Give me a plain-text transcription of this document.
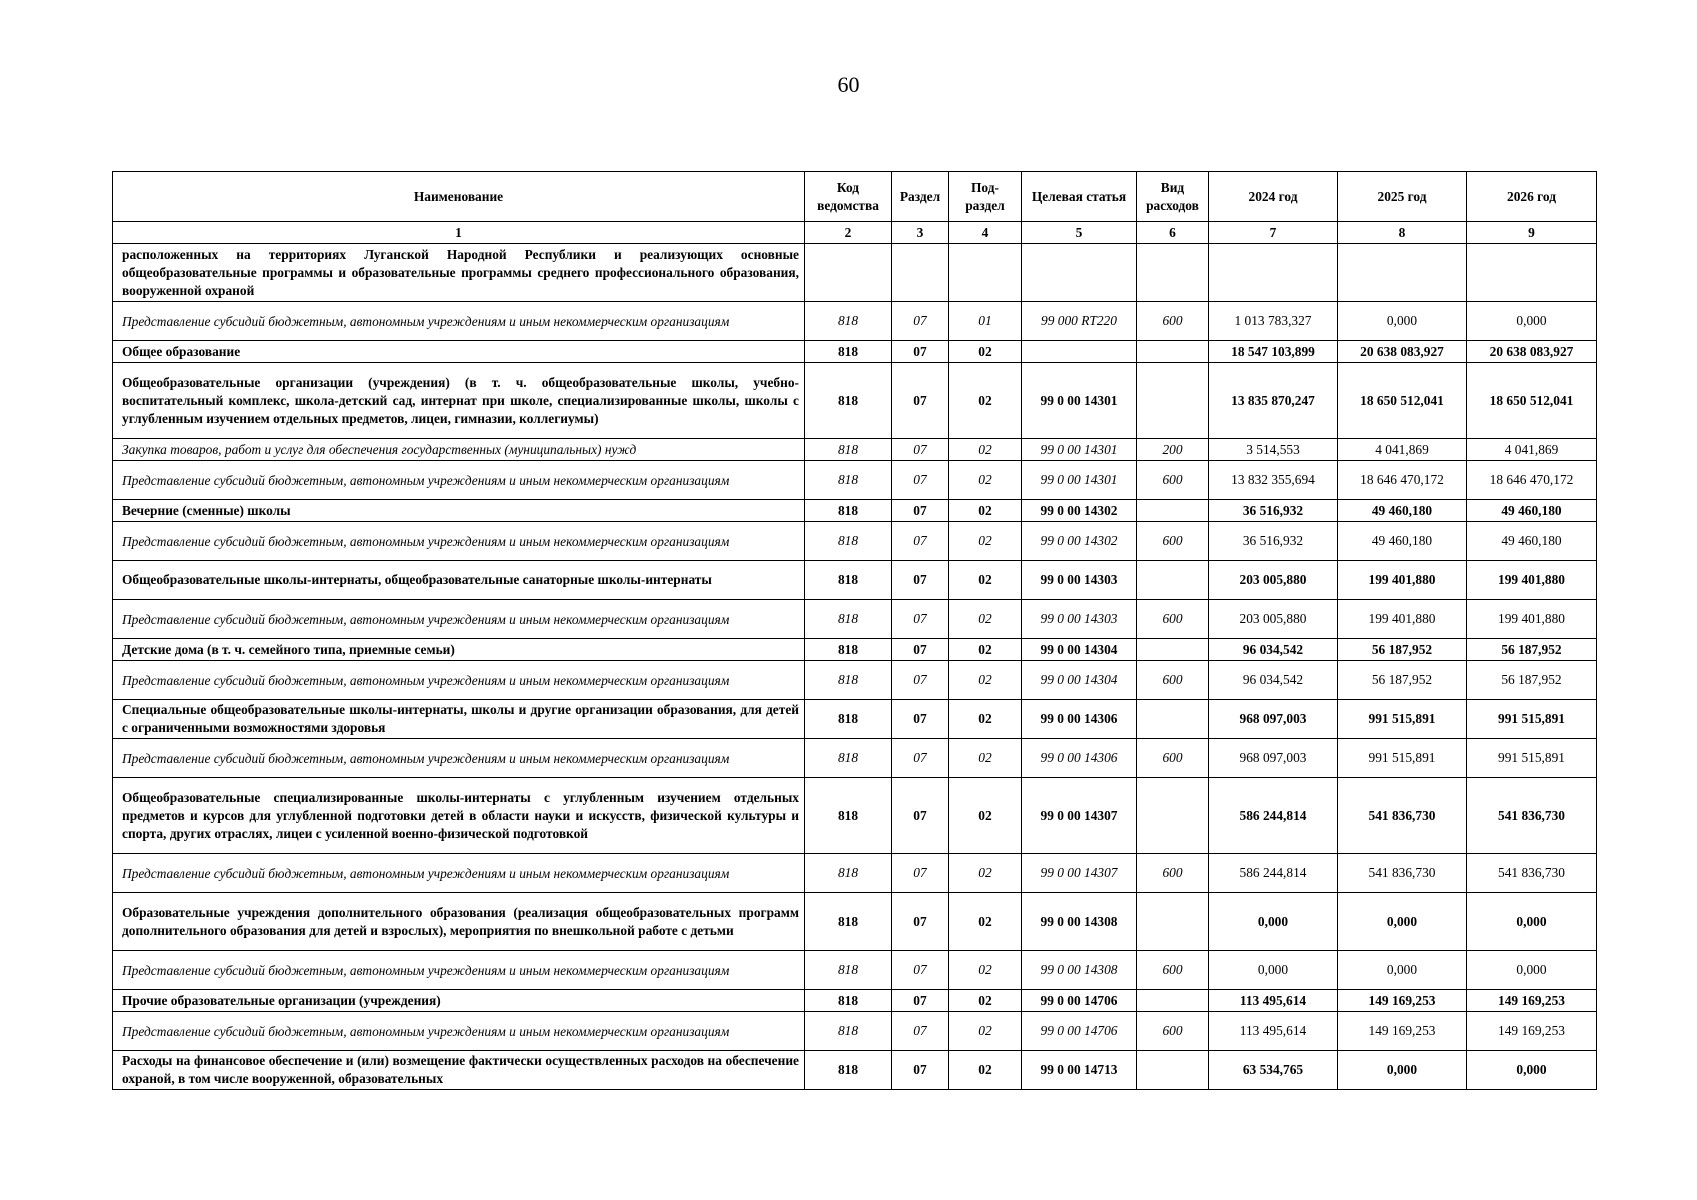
60
Наименование	Код ведомства	Раздел	Под-раздел	Целевая статья	Вид расходов	2024 год	2025 год	2026 год
1	2	3	4	5	6	7	8	9
расположенных на территориях Луганской Народной Республики и реализующих основные общеобразовательные программы и образовательные программы среднего профессионального образования, вооруженной охраной								
Представление субсидий бюджетным, автономным учреждениям и иным некоммерческим организациям	818	07	01	99 000 RT220	600	1 013 783,327	0,000	0,000
Общее образование	818	07	02			18 547 103,899	20 638 083,927	20 638 083,927
Общеобразовательные организации (учреждения) (в т. ч. общеобразовательные школы, учебно-воспитательный комплекс, школа-детский сад, интернат при школе, специализированные школы, школы с углубленным изучением отдельных предметов, лицеи, гимназии, коллегиумы)	818	07	02	99 0 00 14301		13 835 870,247	18 650 512,041	18 650 512,041
Закупка товаров, работ и услуг для обеспечения государственных (муниципальных) нужд	818	07	02	99 0 00 14301	200	3 514,553	4 041,869	4 041,869
Представление субсидий бюджетным, автономным учреждениям и иным некоммерческим организациям	818	07	02	99 0 00 14301	600	13 832 355,694	18 646 470,172	18 646 470,172
Вечерние (сменные) школы	818	07	02	99 0 00 14302		36 516,932	49 460,180	49 460,180
Представление субсидий бюджетным, автономным учреждениям и иным некоммерческим организациям	818	07	02	99 0 00 14302	600	36 516,932	49 460,180	49 460,180
Общеобразовательные школы-интернаты, общеобразовательные санаторные школы-интернаты	818	07	02	99 0 00 14303		203 005,880	199 401,880	199 401,880
Представление субсидий бюджетным, автономным учреждениям и иным некоммерческим организациям	818	07	02	99 0 00 14303	600	203 005,880	199 401,880	199 401,880
Детские дома (в т. ч. семейного типа, приемные семьи)	818	07	02	99 0 00 14304		96 034,542	56 187,952	56 187,952
Представление субсидий бюджетным, автономным учреждениям и иным некоммерческим организациям	818	07	02	99 0 00 14304	600	96 034,542	56 187,952	56 187,952
Специальные общеобразовательные школы-интернаты, школы и другие организации образования, для детей с ограниченными возможностями здоровья	818	07	02	99 0 00 14306		968 097,003	991 515,891	991 515,891
Представление субсидий бюджетным, автономным учреждениям и иным некоммерческим организациям	818	07	02	99 0 00 14306	600	968 097,003	991 515,891	991 515,891
Общеобразовательные специализированные школы-интернаты с углубленным изучением отдельных предметов и курсов для углубленной подготовки детей в области науки и искусств, физической культуры и спорта, других отраслях, лицеи с усиленной военно-физической подготовкой	818	07	02	99 0 00 14307		586 244,814	541 836,730	541 836,730
Представление субсидий бюджетным, автономным учреждениям и иным некоммерческим организациям	818	07	02	99 0 00 14307	600	586 244,814	541 836,730	541 836,730
Образовательные учреждения дополнительного образования (реализация общеобразовательных программ дополнительного образования для детей и взрослых), мероприятия по внешкольной работе с детьми	818	07	02	99 0 00 14308		0,000	0,000	0,000
Представление субсидий бюджетным, автономным учреждениям и иным некоммерческим организациям	818	07	02	99 0 00 14308	600	0,000	0,000	0,000
Прочие образовательные организации (учреждения)	818	07	02	99 0 00 14706		113 495,614	149 169,253	149 169,253
Представление субсидий бюджетным, автономным учреждениям и иным некоммерческим организациям	818	07	02	99 0 00 14706	600	113 495,614	149 169,253	149 169,253
Расходы на финансовое обеспечение и (или) возмещение фактически осуществленных расходов на обеспечение охраной, в том числе вооруженной, образовательных	818	07	02	99 0 00 14713		63 534,765	0,000	0,000
